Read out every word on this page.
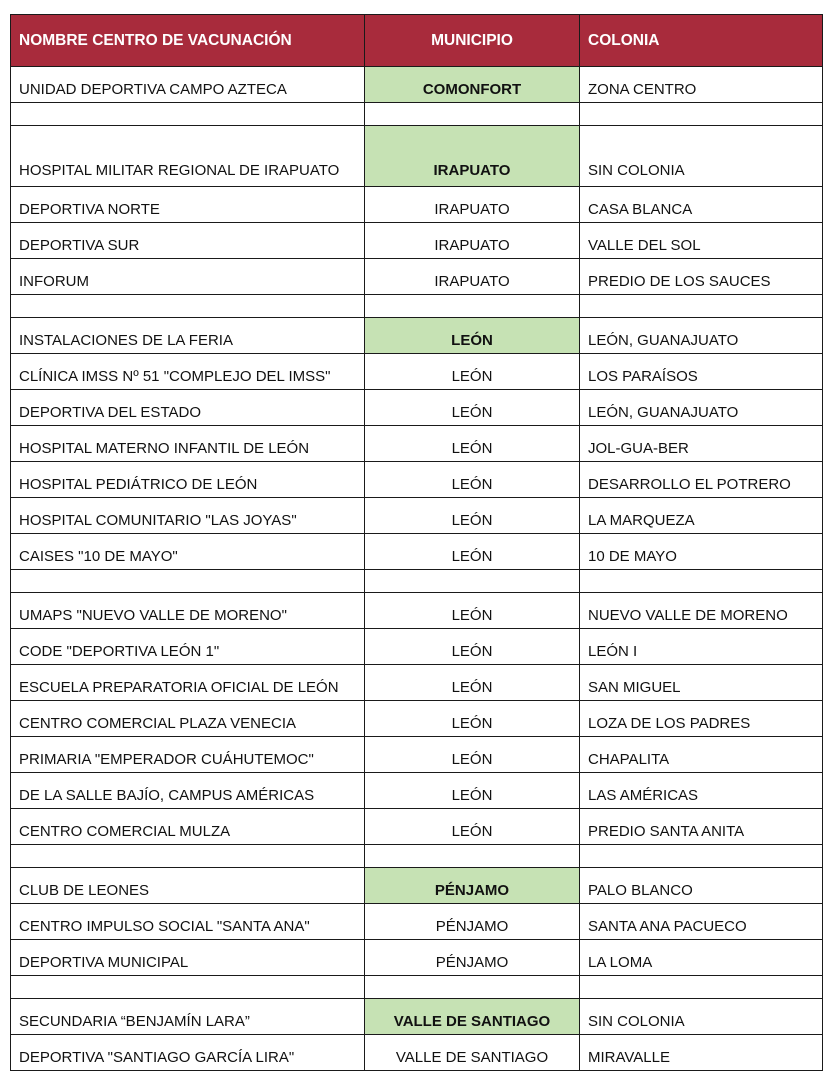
NOMBRE CENTRO DE VACUNACIÓN	MUNICIPIO	COLONIA
UNIDAD DEPORTIVA CAMPO AZTECA	COMONFORT	ZONA CENTRO

HOSPITAL MILITAR REGIONAL DE IRAPUATO	IRAPUATO	SIN COLONIA
DEPORTIVA NORTE	IRAPUATO	CASA BLANCA
DEPORTIVA SUR	IRAPUATO	VALLE DEL SOL
INFORUM	IRAPUATO	PREDIO DE LOS SAUCES

INSTALACIONES DE LA FERIA	LEÓN	LEÓN, GUANAJUATO
CLÍNICA IMSS Nº 51 "COMPLEJO DEL IMSS"	LEÓN	LOS PARAÍSOS
DEPORTIVA DEL ESTADO	LEÓN	LEÓN, GUANAJUATO
HOSPITAL MATERNO INFANTIL DE LEÓN	LEÓN	JOL-GUA-BER
HOSPITAL PEDIÁTRICO DE LEÓN	LEÓN	DESARROLLO EL POTRERO
HOSPITAL COMUNITARIO "LAS JOYAS"	LEÓN	LA MARQUEZA
CAISES "10 DE MAYO"	LEÓN	10 DE MAYO

UMAPS "NUEVO VALLE DE MORENO"	LEÓN	NUEVO VALLE DE MORENO
CODE "DEPORTIVA LEÓN 1"	LEÓN	LEÓN I
ESCUELA PREPARATORIA OFICIAL DE LEÓN	LEÓN	SAN MIGUEL
CENTRO COMERCIAL PLAZA VENECIA	LEÓN	LOZA DE LOS PADRES
PRIMARIA "EMPERADOR CUÁHUTEMOC"	LEÓN	CHAPALITA
DE LA SALLE BAJÍO, CAMPUS AMÉRICAS	LEÓN	LAS AMÉRICAS
CENTRO COMERCIAL MULZA	LEÓN	PREDIO SANTA ANITA

CLUB DE LEONES	PÉNJAMO	PALO BLANCO
CENTRO IMPULSO SOCIAL "SANTA ANA"	PÉNJAMO	SANTA ANA PACUECO
DEPORTIVA MUNICIPAL	PÉNJAMO	LA LOMA

SECUNDARIA “BENJAMÍN LARA”	VALLE DE SANTIAGO	SIN COLONIA
DEPORTIVA "SANTIAGO GARCÍA LIRA"	VALLE DE SANTIAGO	MIRAVALLE
